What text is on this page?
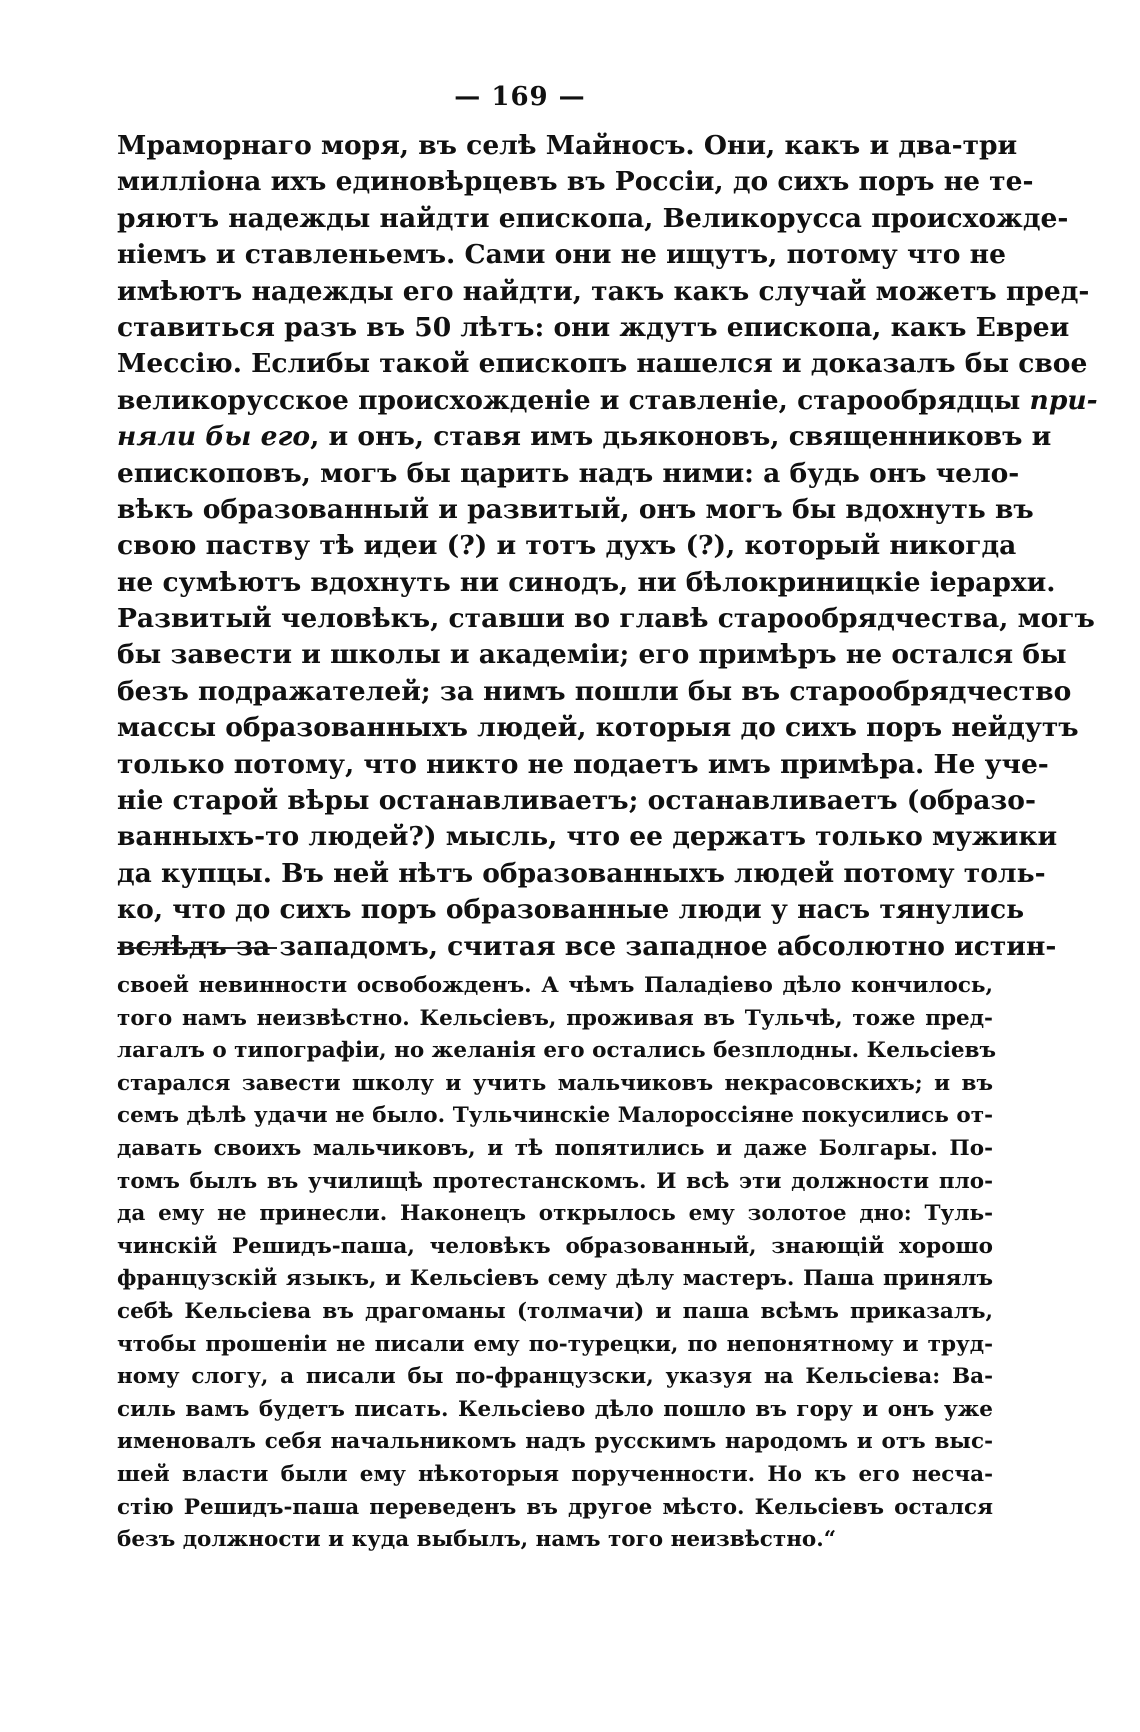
— 169 —
Мраморнаго моря, въ селѣ Майносъ. Они, какъ и два-три
милліона ихъ единовѣрцевъ въ Россіи, до сихъ поръ не те-
ряютъ надежды найдти епископа, Великорусса происхожде-
ніемъ и ставленьемъ. Сами они не ищутъ, потому что не
имѣютъ надежды его найдти, такъ какъ случай можетъ пред-
ставиться разъ въ 50 лѣтъ: они ждутъ епископа, какъ Евреи
Мессію. Еслибы такой епископъ нашелся и доказалъ бы свое
великорусское происхожденіе и ставленіе, старообрядцы при-
няли бы его, и онъ, ставя имъ дьяконовъ, священниковъ и
епископовъ, могъ бы царить надъ ними: а будь онъ чело-
вѣкъ образованный и развитый, онъ могъ бы вдохнуть въ
свою паству тѣ идеи (?) и тотъ духъ (?), который никогда
не сумѣютъ вдохнуть ни синодъ, ни бѣлокриницкіе іерархи.
Развитый человѣкъ, ставши во главѣ старообрядчества, могъ
бы завести и школы и академіи; его примѣръ не остался бы
безъ подражателей; за нимъ пошли бы въ старообрядчество
массы образованныхъ людей, которыя до сихъ поръ нейдутъ
только потому, что никто не подаетъ имъ примѣра. Не уче-
ніе старой вѣры останавливаетъ; останавливаетъ (образо-
ванныхъ-то людей?) мысль, что ее держатъ только мужики
да купцы. Въ ней нѣтъ образованныхъ людей потому толь-
ко, что до сихъ поръ образованные люди у насъ тянулись
вслѣдъ за западомъ, считая все западное абсолютно истин-
своей невинности освобожденъ. А чѣмъ Паладіево дѣло кончилось,
того намъ неизвѣстно. Кельсіевъ, проживая въ Тульчѣ, тоже пред-
лагалъ о типографіи, но желанія его остались безплодны. Кельсіевъ
старался завести школу и учить мальчиковъ некрасовскихъ; и въ
семъ дѣлѣ удачи не было. Тульчинскіе Малороссіяне покусились от-
давать своихъ мальчиковъ, и тѣ попятились и даже Болгары. По-
томъ былъ въ училищѣ протестанскомъ. И всѣ эти должности пло-
да ему не принесли. Наконецъ открылось ему золотое дно: Туль-
чинскій Решидъ-паша, человѣкъ образованный, знающій хорошо
французскій языкъ, и Кельсіевъ сему дѣлу мастеръ. Паша принялъ
себѣ Кельсіева въ драгоманы (толмачи) и паша всѣмъ приказалъ,
чтобы прошеніи не писали ему по-турецки, по непонятному и труд-
ному слогу, а писали бы по-французски, указуя на Кельсіева: Ва-
силь вамъ будетъ писать. Кельсіево дѣло пошло въ гору и онъ уже
именовалъ себя начальникомъ надъ русскимъ народомъ и отъ выс-
шей власти были ему нѣкоторыя порученности. Но къ его несча-
стію Решидъ-паша переведенъ въ другое мѣсто. Кельсіевъ остался
безъ должности и куда выбылъ, намъ того неизвѣстно.“
